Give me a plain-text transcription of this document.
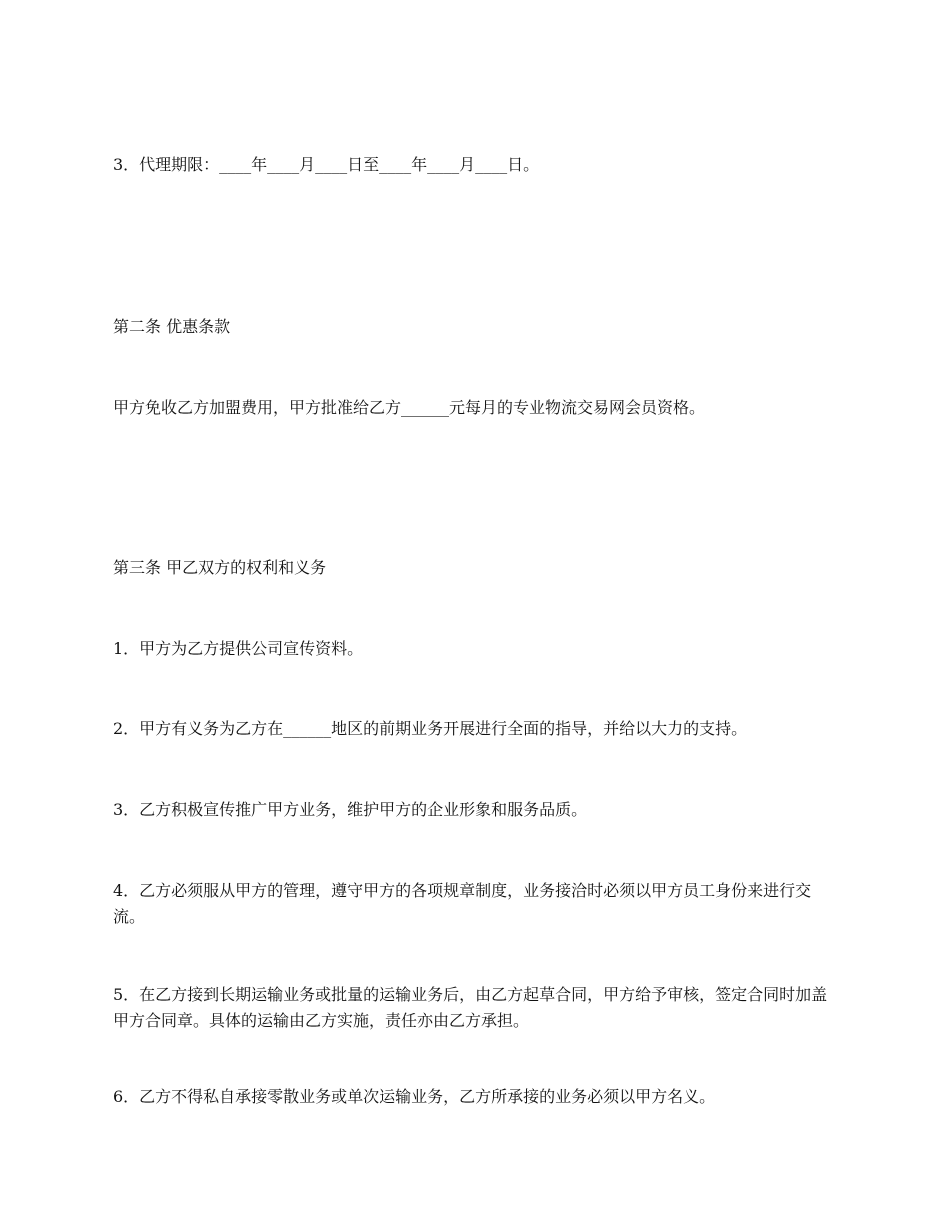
3．代理期限：____年____月____日至____年____月____日。

第二条 优惠条款

甲方免收乙方加盟费用，甲方批准给乙方______元每月的专业物流交易网会员资格。

第三条 甲乙双方的权利和义务

1．甲方为乙方提供公司宣传资料。

2．甲方有义务为乙方在______地区的前期业务开展进行全面的指导，并给以大力的支持。

3．乙方积极宣传推广甲方业务，维护甲方的企业形象和服务品质。

4．乙方必须服从甲方的管理，遵守甲方的各项规章制度，业务接洽时必须以甲方员工身份来进行交流。

5．在乙方接到长期运输业务或批量的运输业务后，由乙方起草合同，甲方给予审核，签定合同时加盖甲方合同章。具体的运输由乙方实施，责任亦由乙方承担。

6．乙方不得私自承接零散业务或单次运输业务，乙方所承接的业务必须以甲方名义。
